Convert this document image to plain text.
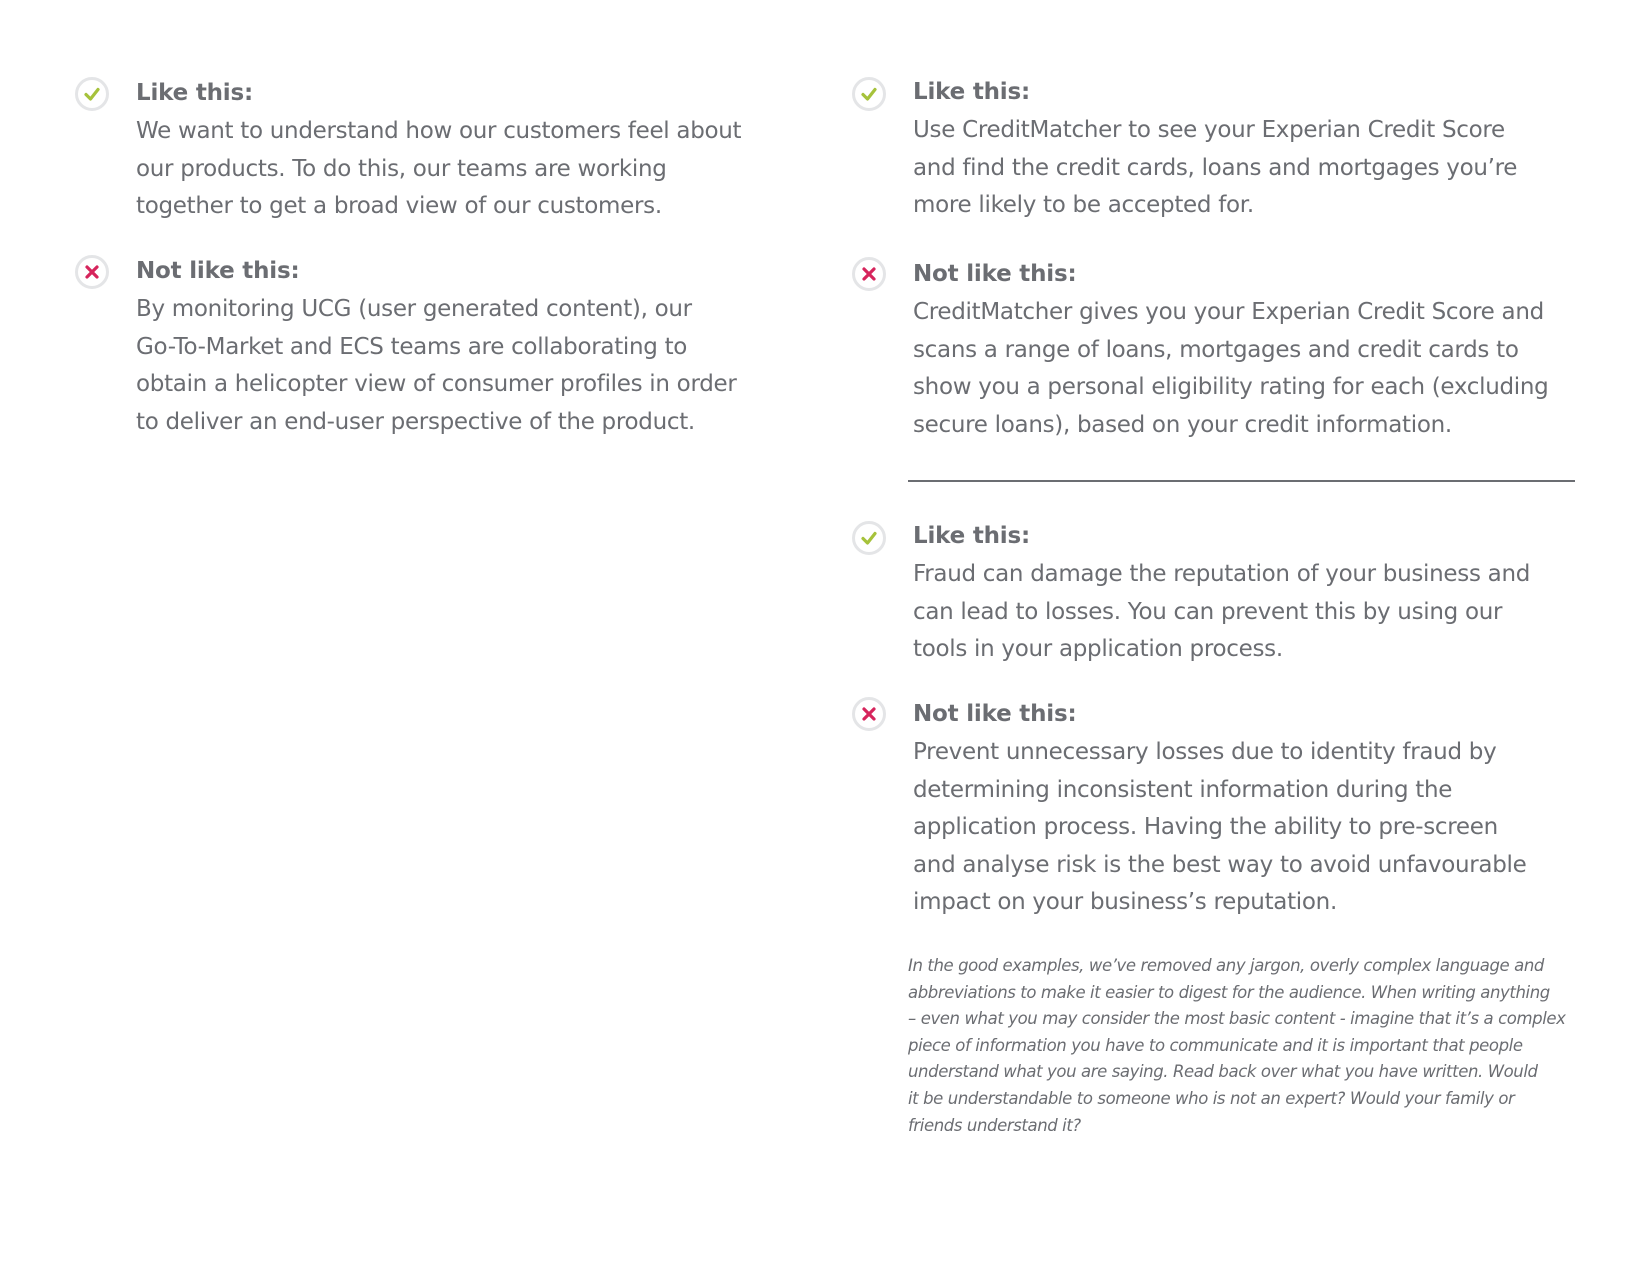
Like this:
We want to understand how our customers feel about
our products. To do this, our teams are working
together to get a broad view of our customers.
Not like this:
By monitoring UCG (user generated content), our
Go-To-Market and ECS teams are collaborating to
obtain a helicopter view of consumer profiles in order
to deliver an end-user perspective of the product.
Like this:
Use CreditMatcher to see your Experian Credit Score
and find the credit cards, loans and mortgages you’re
more likely to be accepted for.
Not like this:
CreditMatcher gives you your Experian Credit Score and
scans a range of loans, mortgages and credit cards to
show you a personal eligibility rating for each (excluding
secure loans), based on your credit information.
Like this:
Fraud can damage the reputation of your business and
can lead to losses. You can prevent this by using our
tools in your application process.
Not like this:
Prevent unnecessary losses due to identity fraud by
determining inconsistent information during the
application process. Having the ability to pre-screen
and analyse risk is the best way to avoid unfavourable
impact on your business’s reputation.
In the good examples, we’ve removed any jargon, overly complex language and
abbreviations to make it easier to digest for the audience. When writing anything
– even what you may consider the most basic content - imagine that it’s a complex
piece of information you have to communicate and it is important that people
understand what you are saying. Read back over what you have written. Would
it be understandable to someone who is not an expert? Would your family or
friends understand it?
